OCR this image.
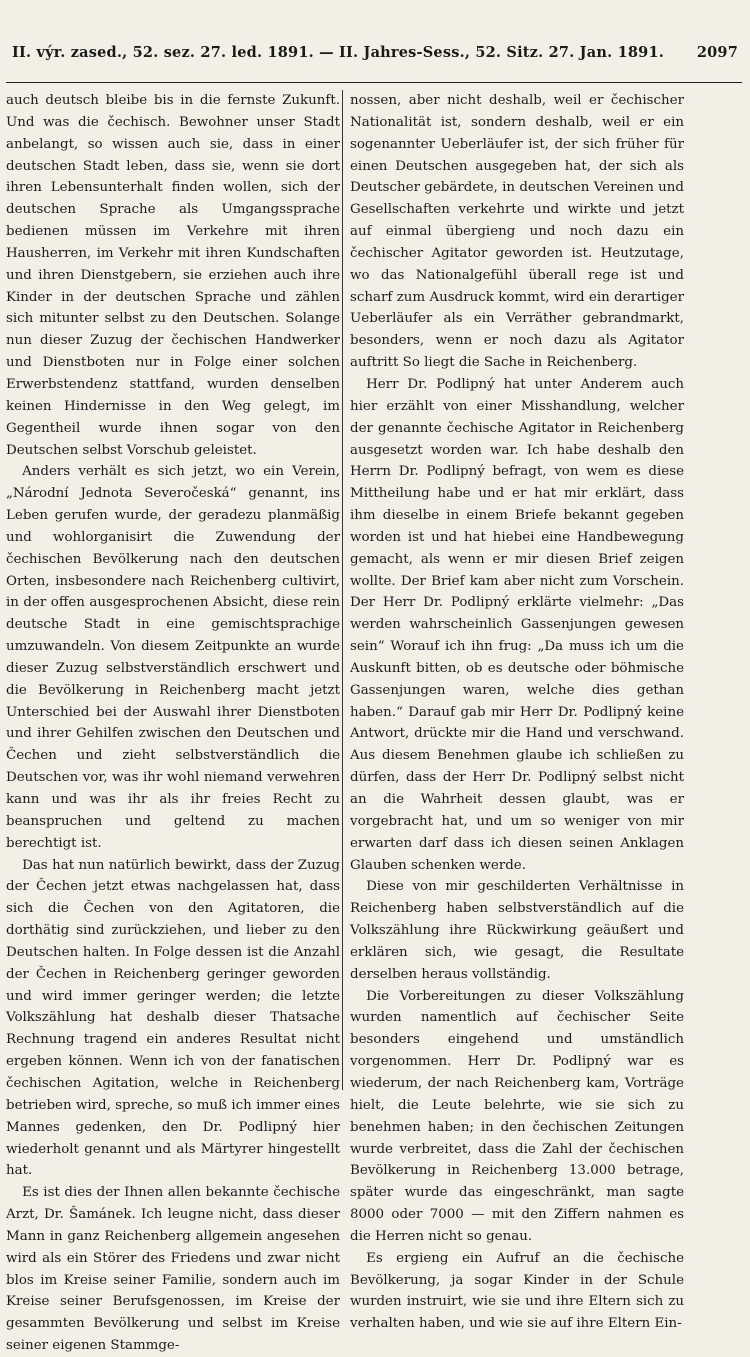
II. výr. zased., 52. sez. 27. led. 1891. — II. Jahres-Sess., 52. Sitz. 27. Jan. 1891. 2097

auch deutsch bleibe bis in die fernste Zukunft. Und was die čechisch. Bewohner unser Stadt anbelangt, so wissen auch sie, dass in einer deutschen Stadt leben, dass sie, wenn sie dort ihren Lebensunterhalt finden wollen, sich der deutschen Sprache als Umgangssprache bedienen müssen im Verkehre mit ihren Hausherren, im Verkehr mit ihren Kundschaften und ihren Dienstgebern, sie erziehen auch ihre Kinder in der deutschen Sprache und zählen sich mitunter selbst zu den Deutschen. Solange nun dieser Zuzug der čechischen Handwerker und Dienstboten nur in Folge einer solchen Erwerbstendenz stattfand, wurden denselben keinen Hindernisse in den Weg gelegt, im Gegentheil wurde ihnen sogar von den Deutschen selbst Vorschub geleistet.

Anders verhält es sich jetzt, wo ein Verein, „Národní Jednota Severočeská“ genannt, ins Leben gerufen wurde, der geradezu planmäßig und wohlorganisirt die Zuwendung der čechischen Bevölkerung nach den deutschen Orten, insbesondere nach Reichenberg cultivirt, in der offen ausgesprochenen Absicht, diese rein deutsche Stadt in eine gemischtsprachige umzuwandeln. Von diesem Zeitpunkte an wurde dieser Zuzug selbstverständlich erschwert und die Bevölkerung in Reichenberg macht jetzt Unterschied bei der Auswahl ihrer Dienstboten und ihrer Gehilfen zwischen den Deutschen und Čechen und zieht selbstverständlich die Deutschen vor, was ihr wohl niemand verwehren kann und was ihr als ihr freies Recht zu beanspruchen und geltend zu machen berechtigt ist.

Das hat nun natürlich bewirkt, dass der Zuzug der Čechen jetzt etwas nachgelassen hat, dass sich die Čechen von den Agitatoren, die dorthätig sind zurückziehen, und lieber zu den Deutschen halten. In Folge dessen ist die Anzahl der Čechen in Reichenberg geringer geworden und wird immer geringer werden; die letzte Volkszählung hat deshalb dieser Thatsache Rechnung tragend ein anderes Resultat nicht ergeben können. Wenn ich von der fanatischen čechischen Agitation, welche in Reichenberg betrieben wird, spreche, so muß ich immer eines Mannes gedenken, den Dr. Podlipný hier wiederholt genannt und als Märtyrer hingestellt hat.

Es ist dies der Ihnen allen bekannte čechische Arzt, Dr. Šamánek. Ich leugne nicht, dass dieser Mann in ganz Reichenberg allgemein angesehen wird als ein Störer des Friedens und zwar nicht blos im Kreise seiner Familie, sondern auch im Kreise seiner Berufsgenossen, im Kreise der gesammten Bevölkerung und selbst im Kreise seiner eigenen Stammge-

nossen, aber nicht deshalb, weil er čechischer Nationalität ist, sondern deshalb, weil er ein sogenannter Ueberläufer ist, der sich früher für einen Deutschen ausgegeben hat, der sich als Deutscher gebärdete, in deutschen Vereinen und Gesellschaften verkehrte und wirkte und jetzt auf einmal übergieng und noch dazu ein čechischer Agitator geworden ist. Heutzutage, wo das Nationalgefühl überall rege ist und scharf zum Ausdruck kommt, wird ein derartiger Ueberläufer als ein Verräther gebrandmarkt, besonders, wenn er noch dazu als Agitator auftritt So liegt die Sache in Reichenberg.

Herr Dr. Podlipný hat unter Anderem auch hier erzählt von einer Misshandlung, welcher der genannte čechische Agitator in Reichenberg ausgesetzt worden war. Ich habe deshalb den Herrn Dr. Podlipný befragt, von wem es diese Mittheilung habe und er hat mir erklärt, dass ihm dieselbe in einem Briefe bekannt gegeben worden ist und hat hiebei eine Handbewegung gemacht, als wenn er mir diesen Brief zeigen wollte. Der Brief kam aber nicht zum Vorschein. Der Herr Dr. Podlipný erklärte vielmehr: „Das werden wahrscheinlich Gassenjungen gewesen sein“ Worauf ich ihn frug: „Da muss ich um die Auskunft bitten, ob es deutsche oder böhmische Gassenjungen waren, welche dies gethan haben.“ Darauf gab mir Herr Dr. Podlipný keine Antwort, drückte mir die Hand und verschwand. Aus diesem Benehmen glaube ich schließen zu dürfen, dass der Herr Dr. Podlipný selbst nicht an die Wahrheit dessen glaubt, was er vorgebracht hat, und um so weniger von mir erwarten darf dass ich diesen seinen Anklagen Glauben schenken werde.

Diese von mir geschilderten Verhältnisse in Reichenberg haben selbstverständlich auf die Volkszählung ihre Rückwirkung geäußert und erklären sich, wie gesagt, die Resultate derselben heraus vollständig.

Die Vorbereitungen zu dieser Volkszählung wurden namentlich auf čechischer Seite besonders eingehend und umständlich vorgenommen. Herr Dr. Podlipný war es wiederum, der nach Reichenberg kam, Vorträge hielt, die Leute belehrte, wie sie sich zu benehmen haben; in den čechischen Zeitungen wurde verbreitet, dass die Zahl der čechischen Bevölkerung in Reichenberg 13.000 betrage, später wurde das eingeschränkt, man sagte 8000 oder 7000 — mit den Ziffern nahmen es die Herren nicht so genau.

Es ergieng ein Aufruf an die čechische Bevölkerung, ja sogar Kinder in der Schule wurden instruirt, wie sie und ihre Eltern sich zu verhalten haben, und wie sie auf ihre Eltern Ein-
